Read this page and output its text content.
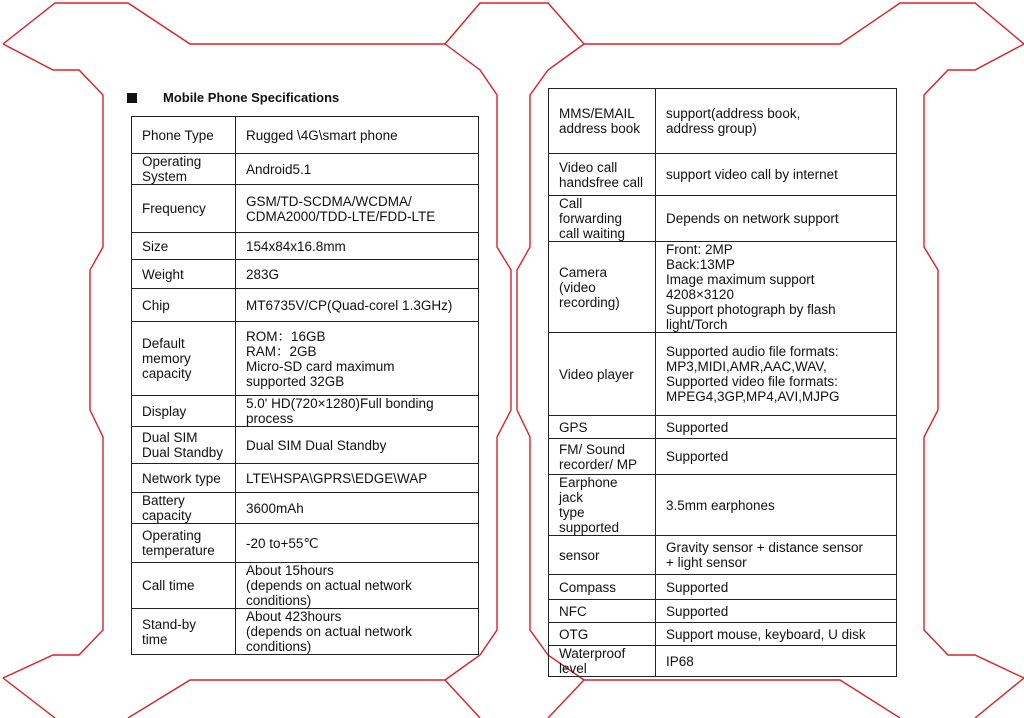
Mobile Phone Specifications
Phone Type	Rugged \4G\smart phone

Operating
System	Android5.1

Frequency	GSM/TD-SCDMA/WCDMA/
CDMA2000/TDD-LTE/FDD-LTE

Size	154x84x16.8mm

Weight	283G

Chip	MT6735V/CP(Quad-corel 1.3GHz)

Default
memory
capacity	ROM：16GB
RAM：2GB
Micro-SD card maximum
supported 32GB

Display	5.0' HD(720×1280)Full bonding process

Dual SIM
Dual Standby	Dual SIM Dual Standby

Network type	LTE\HSPA\GPRS\EDGE\WAP

Battery capacity	3600mAh

Operating
temperature	-20 to+55℃

Call time	About 15hours
(depends on actual network conditions)

Stand-by time	About 423hours
(depends on actual network conditions)
MMS/EMAIL
address book	support(address book,
address group)

Video call
handsfree call	support video call by internet

Call forwarding
call waiting	Depends on network support

Camera
(video recording)	Front: 2MP
Back:13MP
Image maximum support 4208×3120
Support photograph by flash light/Torch

Video player	Supported audio file formats:
MP3,MIDI,AMR,AAC,WAV,
Supported video file formats:
MPEG4,3GP,MP4,AVI,MJPG

GPS	Supported

FM/ Sound
recorder/ MP	Supported

Earphone jack
type supported	3.5mm earphones

sensor	Gravity sensor + distance sensor
+ light sensor

Compass	Supported

NFC	Supported

OTG	Support mouse, keyboard, U disk

Waterproof level	IP68
